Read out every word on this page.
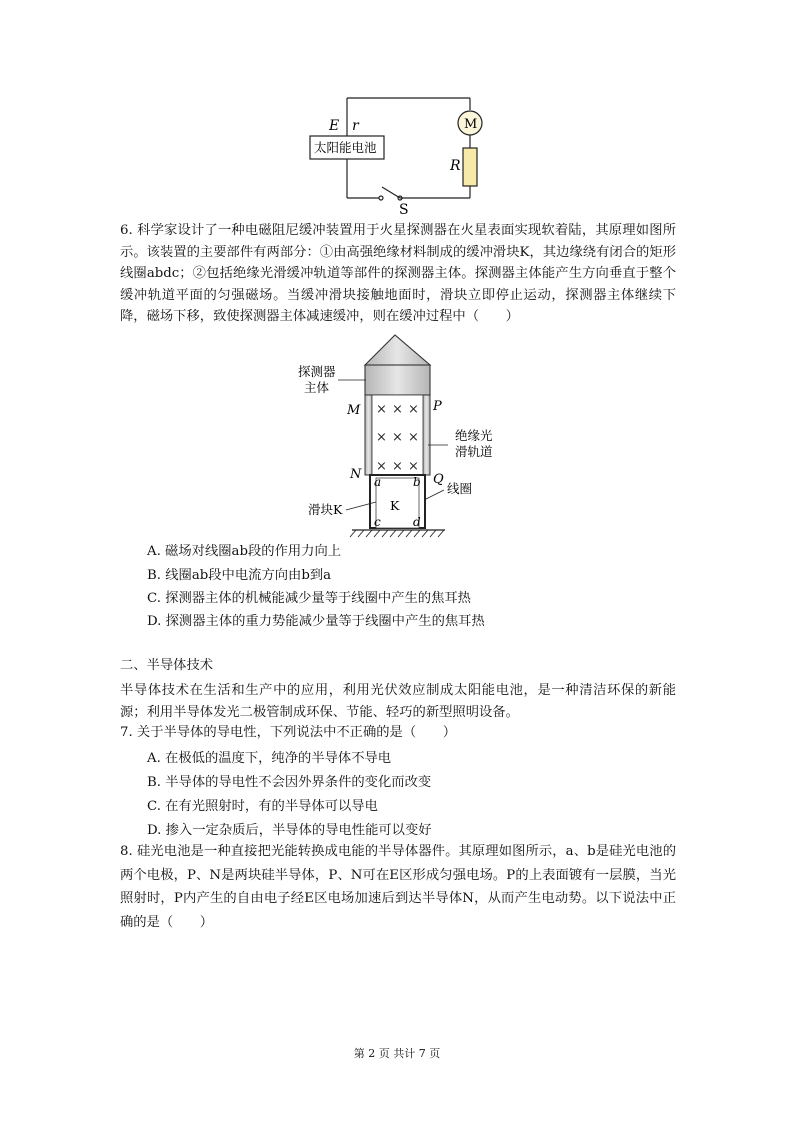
E r
太阳能电池
M
R
S
6. 科学家设计了一种电磁阻尼缓冲装置用于火星探测器在火星表面实现软着陆，其原理如图所示。该装置的主要部件有两部分：①由高强绝缘材料制成的缓冲滑块K，其边缘绕有闭合的矩形线圈abdc；②包括绝缘光滑缓冲轨道等部件的探测器主体。探测器主体能产生方向垂直于整个缓冲轨道平面的匀强磁场。当缓冲滑块接触地面时，滑块立即停止运动，探测器主体继续下降，磁场下移，致使探测器主体减速缓冲，则在缓冲过程中（　　）
× × ×
× × ×
× × ×
探测器
主体
绝缘光
滑轨道
线圈
滑块K	K
M	P
N	Q
a	b
c	d
A. 磁场对线圈ab段的作用力向上
B. 线圈ab段中电流方向由b到a
C. 探测器主体的机械能减少量等于线圈中产生的焦耳热
D. 探测器主体的重力势能减少量等于线圈中产生的焦耳热
二、半导体技术
半导体技术在生活和生产中的应用，利用光伏效应制成太阳能电池，是一种清洁环保的新能源；利用半导体发光二极管制成环保、节能、轻巧的新型照明设备。
7. 关于半导体的导电性，下列说法中不正确的是（　　）
A. 在极低的温度下，纯净的半导体不导电
B. 半导体的导电性不会因外界条件的变化而改变
C. 在有光照射时，有的半导体可以导电
D. 掺入一定杂质后，半导体的导电性能可以变好
8. 硅光电池是一种直接把光能转换成电能的半导体器件。其原理如图所示，a、b是硅光电池的两个电极，P、N是两块硅半导体，P、N可在E区形成匀强电场。P的上表面镀有一层膜，当光照射时，P内产生的自由电子经E区电场加速后到达半导体N，从而产生电动势。以下说法中正确的是（　　）
第 2 页 共计 7 页
